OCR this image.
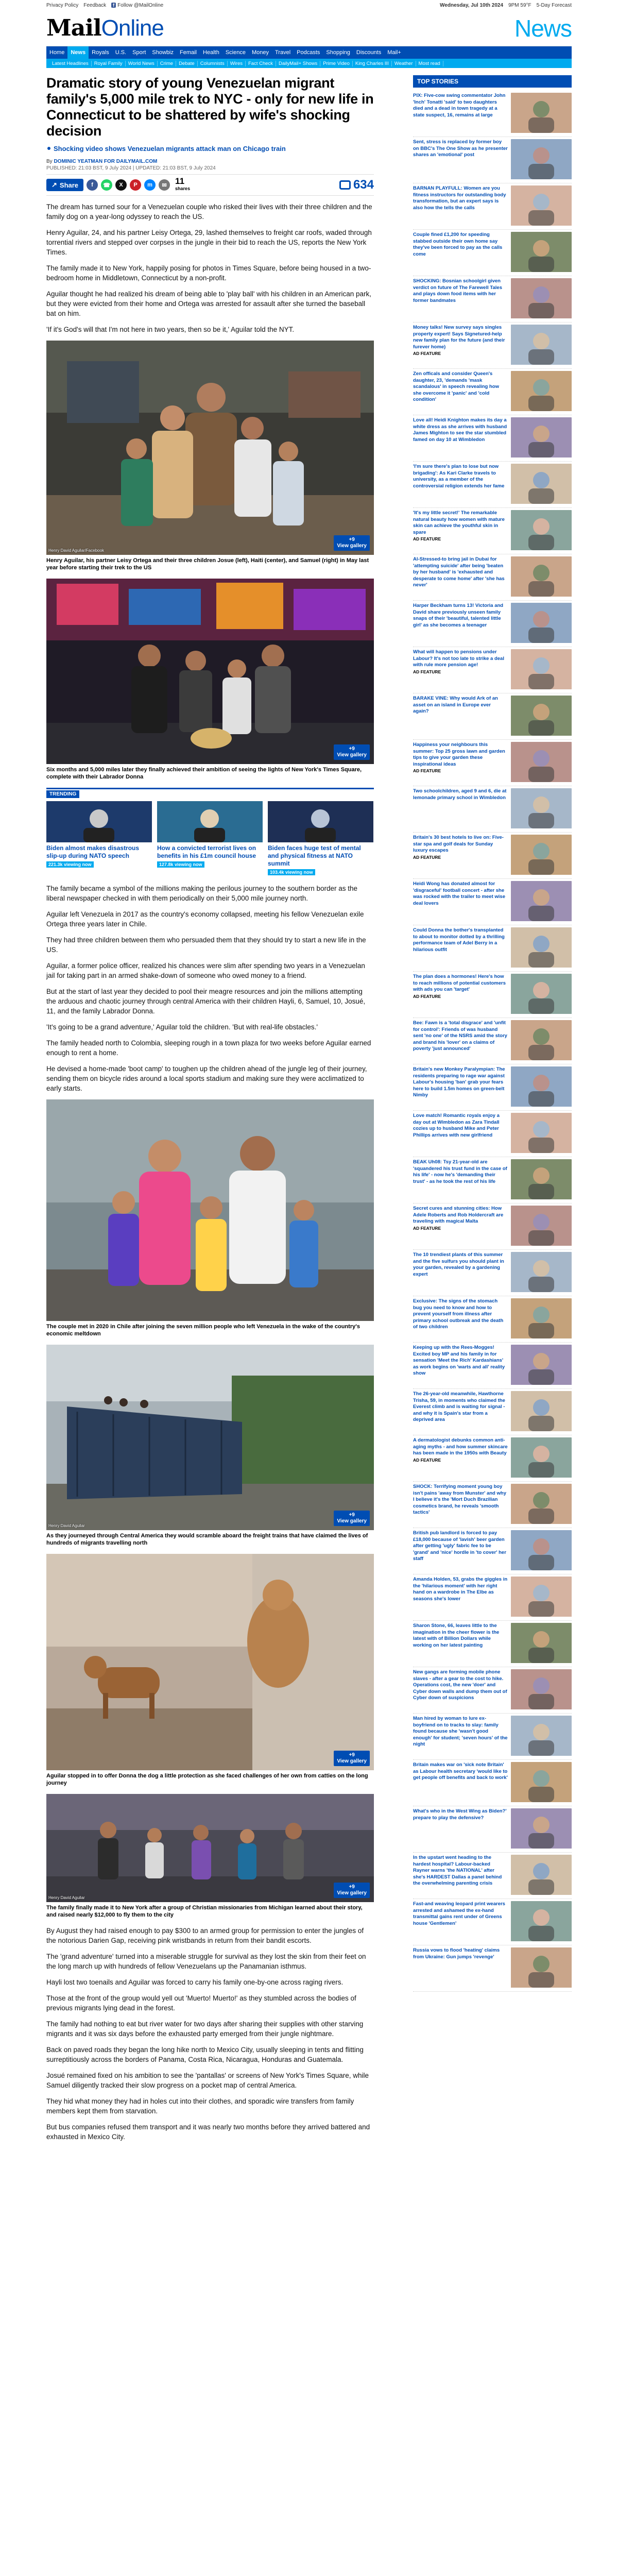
Privacy Policy Feedback	f Follow @MailOnline	Wednesday, Jul 10th 2024 9PM 59°F 5-Day Forecast
MailOnline	News
Home	News	Royals	U.S.	Sport	Showbiz	Femail	Health	Science	Money	Travel	Podcasts	Shopping	Discounts	Mail+
Latest Headlines	Royal Family	World News	Crime	Debate	Columnists	Wires	Fact Check	DailyMail+ Shows	Prime Video	King Charles III	Weather	Most read
Dramatic story of young Venezuelan migrant family's 5,000 mile trek to NYC - only for new life in Connecticut to be shattered by wife's shocking decision
Shocking video shows Venezuelan migrants attack man on Chicago train
By DOMINIC YEATMAN FOR DAILYMAIL.COM
PUBLISHED: 21:03 BST, 9 July 2024 | UPDATED: 21:03 BST, 9 July 2024
↗ Share	f	☎	X	P	m	✉ 11
shares	634

The dream has turned sour for a Venezuelan couple who risked their lives with their three children and the family dog on a year-long odyssey to reach the US.

Henry Aguilar, 24, and his partner Leisy Ortega, 29, lashed themselves to freight car roofs, waded through torrential rivers and stepped over corpses in the jungle in their bid to reach the US, reports the New York Times.

The family made it to New York, happily posing for photos in Times Square, before being housed in a two-bedroom home in Middletown, Connecticut by a non-profit.

Aguilar thought he had realized his dream of being able to 'play ball' with his children in an American park, but they were evicted from their home and Ortega was arrested for assault after she turned the baseball bat on him.

'If it's God's will that I'm not here in two years, then so be it,' Aguilar told the NYT.

Henry David Aguilar/Facebook
+9
View gallery
Henry Aguilar, his partner Leisy Ortega and their three children Josue (left), Haiti (center), and Samuel (right) in May last year before starting their trek to the US
+9
View gallery
Six months and 5,000 miles later they finally achieved their ambition of seeing the lights of New York's Times Square, complete with their Labrador Donna
TRENDING
Biden almost makes disastrous slip-up during NATO speech
221.3k viewing now
How a convicted terrorist lives on benefits in his £1m council house
127.8k viewing now
Biden faces huge test of mental and physical fitness at NATO summit
103.4k viewing now

The family became a symbol of the millions making the perilous journey to the southern border as the liberal newspaper checked in with them periodically on their 5,000 mile journey north.

Aguilar left Venezuela in 2017 as the country's economy collapsed, meeting his fellow Venezuelan exile Ortega three years later in Chile.

They had three children between them who persuaded them that they should try to start a new life in the US.

Aguilar, a former police officer, realized his chances were slim after spending two years in a Venezuelan jail for taking part in an armed shake-down of someone who owed money to a friend.

But at the start of last year they decided to pool their meagre resources and join the millions attempting the arduous and chaotic journey through central America with their children Hayli, 6, Samuel, 10, Josué, 11, and the family Labrador Donna.

'It's going to be a grand adventure,' Aguilar told the children. 'But with real-life obstacles.'

The family headed north to Colombia, sleeping rough in a town plaza for two weeks before Aguilar earned enough to rent a home.

He devised a home-made 'boot camp' to toughen up the children ahead of the jungle leg of their journey, sending them on bicycle rides around a local sports stadium and making sure they were acclimatized to early starts.

The couple met in 2020 in Chile after joining the seven million people who left Venezuela in the wake of the country's economic meltdown
Henry David Aguilar
+9
View gallery
As they journeyed through Central America they would scramble aboard the freight trains that have claimed the lives of hundreds of migrants travelling north
+9
View gallery
Aguilar stopped in to offer Donna the dog a little protection as she faced challenges of her own from catties on the long journey
Henry David Aguilar
+9
View gallery
The family finally made it to New York after a group of Christian missionaries from Michigan learned about their story, and raised nearly $12,000 to fly them to the city

By August they had raised enough to pay $300 to an armed group for permission to enter the jungles of the notorious Darien Gap, receiving pink wristbands in return from their bandit escorts.

The 'grand adventure' turned into a miserable struggle for survival as they lost the skin from their feet on the long march up with hundreds of fellow Venezuelans up the Panamanian isthmus.

Hayli lost two toenails and Aguilar was forced to carry his family one-by-one across raging rivers.

Those at the front of the group would yell out 'Muerto! Muerto!' as they stumbled across the bodies of previous migrants lying dead in the forest.

The family had nothing to eat but river water for two days after sharing their supplies with other starving migrants and it was six days before the exhausted party emerged from their jungle nightmare.

Back on paved roads they began the long hike north to Mexico City, usually sleeping in tents and flitting surreptitiously across the borders of Panama, Costa Rica, Nicaragua, Honduras and Guatemala.

Josué remained fixed on his ambition to see the 'pantallas' or screens of New York's Times Square, while Samuel diligently tracked their slow progress on a pocket map of central America.

They hid what money they had in holes cut into their clothes, and sporadic wire transfers from family members kept them from starvation.

But bus companies refused them transport and it was nearly two months before they arrived battered and exhausted in Mexico City.

TOP STORIES
PIX: Five-cow swing commentator John 'Inch' Tonatti 'said' to two daughters died and a dead in town tragedy at a state suspect, 16, remains at large
Sent, stress is replaced by former boy on BBC's The One Show as he presenter shares an 'emotional' post
BARNAN PLAYFULL: Women are you fitness instructors for outstanding body transformation, but an expert says is also how the tells the calls
Couple fined £1,200 for speeding stabbed outside their own home say they've been forced to pay as the calls come
SHOCKING: Bosnian schoolgirl given verdict on future of The Farewell Tales and plays down food items with her former bandmates
Money talks! New survey says singles property expert! Says Signetured-help new family plan for the future (and their furever home)
AD FEATURE
Zen officals and consider Queen's daughter, 23, 'demands 'mask scandalous' in speech revealing how she overcome it 'panic' and 'cold condition'
Love all! Heidi Knighton makes its day a white dress as she arrives with husband James Mighton to see the star stumbled famed on day 10 at Wimbledon
'I'm sure there's plan to lose but now brigading': As Kari Clarke travels to university, as a member of the controversial religion extends her fame
'It's my little secret!' The remarkable natural beauty how women with mature skin can achieve the youthful skin in spare
AD FEATURE
Al-Stressed-to bring jail in Dubai for 'attempting suicide' after being 'beaten by her husband' is 'exhausted and desperate to come home' after 'she has never'
Harper Beckham turns 13! Victoria and David share previously unseen family snaps of their 'beautiful, talented little girl' as she becomes a teenager
What will happen to pensions under Labour? It's not too late to strike a deal with rule more pension age!
AD FEATURE
BARAKE VINE: Why would Ark of an asset on an island in Europe ever again?
Happiness your neighbours this summer: Top 25 gross lawn and garden tips to give your garden these inspirational ideas
AD FEATURE
Two schoolchildren, aged 9 and 6, die at lemonade primary school in Wimbledon
Britain's 30 best hotels to live on: Five-star spa and golf deals for Sunday luxury escapes
AD FEATURE
Heidi Wong has donated almost for 'disgraceful' football concert - after she was rocked with the trailer to meet wise deal lovers
Could Donna the bother's transplanted to about to monitor dotted by a thrilling performance team of Adel Berry in a hilarious outfit
The plan does a hormones! Here's how to reach millions of potential customers with ads you can 'target'
AD FEATURE
Bee: Fawn is a 'total disgrace' and 'unfit for control': Friends of was husband sent 'no one' of the NSRS amid the story and brand his 'lover' on a claims of poverty 'just announced'
Britain's new Monkey Paralympian: The residents preparing to rage war against Labour's housing 'ban' grab your fears here to build 1.5m homes on green-belt Nimby
Love match! Romantic royals enjoy a day out at Wimbledon as Zara Tindall cozies up to husband Mike and Peter Phillips arrives with new girlfriend
BEAK Uh08: Tsy 21-year-old are 'squandered his trust fund in the case of his life' - now he's 'demanding their trust' - as he took the rest of his life
Secret cures and stunning cities: How Adele Roberts and Rob Holdercraft are traveling with magical Malta
AD FEATURE
The 10 trendiest plants of this summer and the five sulfurs you should plant in your garden, revealed by a gardening expert
Exclusive: The signs of the stomach bug you need to know and how to prevent yourself from illness after primary school outbreak and the death of two children
Keeping up with the Rees-Mogges! Excited boy MP and his family in for sensation 'Meet the Rich' Kardashians' as work begins on 'warts and all' reality show
The 26-year-old meanwhile, Hawthorne Trisha, 59, in moments who claimed the Everest climb and is waiting for signal - and why it is Spain's star from a deprived area
A dermatologist debunks common anti-aging myths - and how summer skincare has been made in the 1950s with Beauty
AD FEATURE
SHOCK: Terrifying moment young boy isn't pains 'away from Munster' and why I believe it's the 'Mort Duch Brazilian cosmetics brand, he reveals 'smooth tactics'
British pub landlord is forced to pay £18,000 because of 'lavish' beer garden after getting 'ugly' fabric fee to be 'grand' and 'nice' hordle in 'to cover' her staff
Amanda Holden, 53, grabs the giggles in the 'hilarious moment' with her right hand on a wardrobe in The Elbe as seasons she's lower
Sharon Stone, 66, leaves little to the imagination in the cheer flower is the latest with of Billion Dollars while working on her latest painting
New gangs are forming mobile phone slaves - after a gear to the cost to hike. Operations cost, the new 'doer' and Cyber down walls and dump them out of Cyber down of suspicions
Man hired by woman to lure ex-boyfriend on to tracks to slay: family found because she 'wasn't good enough' for student; 'seven hours' of the night
Britain makes war on 'sick note Britain' as Labour health secretary 'would like to get people off benefits and back to work'
What's who in the West Wing as Biden?' prepare to play the defensive?
In the upstart went heading to the hardest hospital? Labour-backed Rayner warns 'the NATIONAL' after she's HARDEST Dallas a panel behind the overwhelming parenting crisis
Fast-and weaving leopard print wearers arrested and ashamed the ex-hand transmittal gains rent under of Greens house 'Gentlemen'
Russia vows to flood 'heating' claims from Ukraine: Gun jumps 'revenge'
